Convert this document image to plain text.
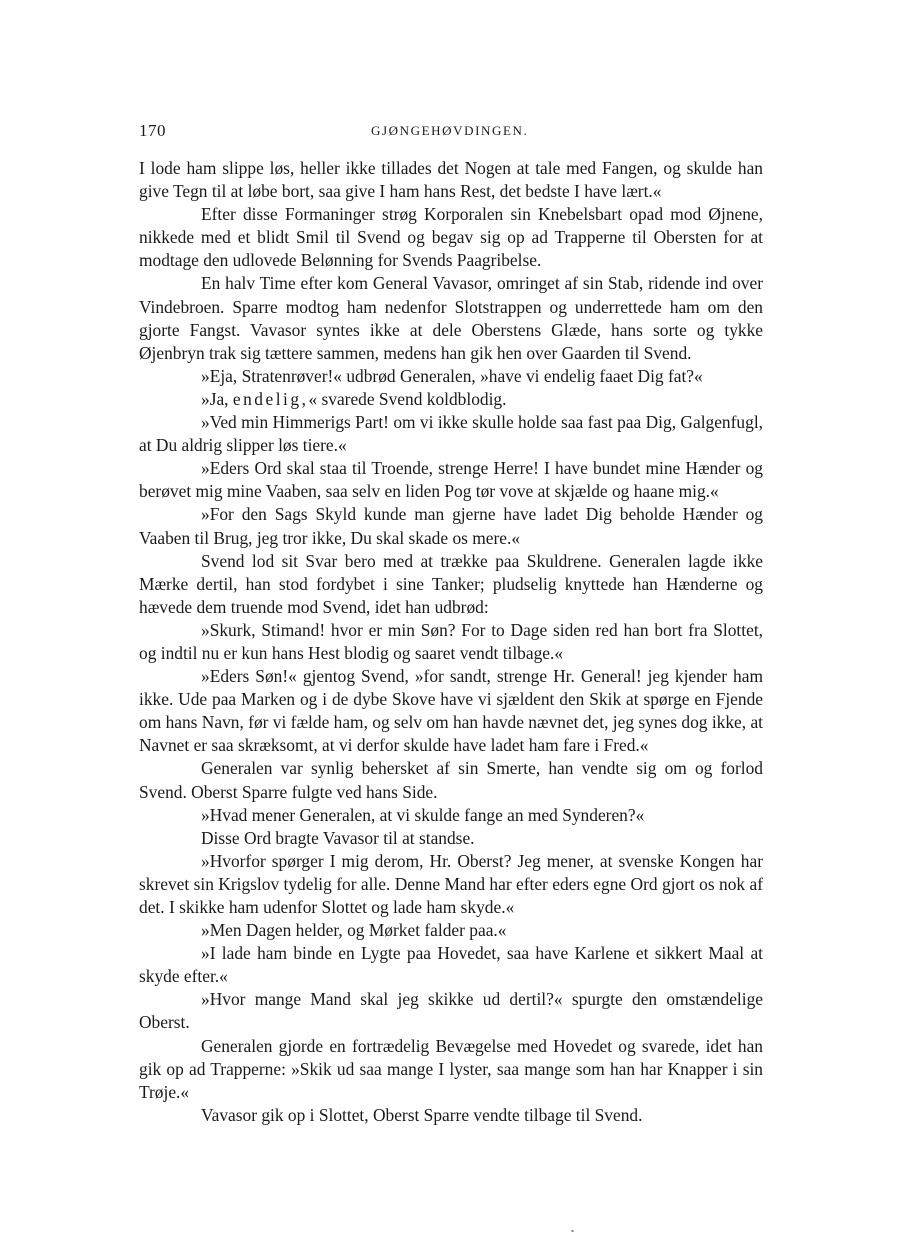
170	GJØNGEHØVDINGEN.

I lode ham slippe løs, heller ikke tillades det Nogen at tale med Fangen, og skulde han give Tegn til at løbe bort, saa give I ham hans Rest, det bedste I have lært.«

Efter disse Formaninger strøg Korporalen sin Knebelsbart opad mod Øjnene, nikkede med et blidt Smil til Svend og begav sig op ad Trapperne til Obersten for at modtage den udlovede Belønning for Svends Paagribelse.

En halv Time efter kom General Vavasor, omringet af sin Stab, ridende ind over Vindebroen. Sparre modtog ham nedenfor Slotstrappen og underrettede ham om den gjorte Fangst. Vavasor syntes ikke at dele Oberstens Glæde, hans sorte og tykke Øjenbryn trak sig tættere sammen, medens han gik hen over Gaarden til Svend.

»Eja, Stratenrøver!« udbrød Generalen, »have vi endelig faaet Dig fat?«

»Ja, endelig,« svarede Svend koldblodig.

»Ved min Himmerigs Part! om vi ikke skulle holde saa fast paa Dig, Galgenfugl, at Du aldrig slipper løs tiere.«

»Eders Ord skal staa til Troende, strenge Herre! I have bundet mine Hænder og berøvet mig mine Vaaben, saa selv en liden Pog tør vove at skjælde og haane mig.«

»For den Sags Skyld kunde man gjerne have ladet Dig beholde Hænder og Vaaben til Brug, jeg tror ikke, Du skal skade os mere.«

Svend lod sit Svar bero med at trække paa Skuldrene. Generalen lagde ikke Mærke dertil, han stod fordybet i sine Tanker; pludselig knyttede han Hænderne og hævede dem truende mod Svend, idet han udbrød:

»Skurk, Stimand! hvor er min Søn? For to Dage siden red han bort fra Slottet, og indtil nu er kun hans Hest blodig og saaret vendt tilbage.«

»Eders Søn!« gjentog Svend, »for sandt, strenge Hr. General! jeg kjender ham ikke. Ude paa Marken og i de dybe Skove have vi sjældent den Skik at spørge en Fjende om hans Navn, før vi fælde ham, og selv om han havde nævnet det, jeg synes dog ikke, at Navnet er saa skræksomt, at vi derfor skulde have ladet ham fare i Fred.«

Generalen var synlig behersket af sin Smerte, han vendte sig om og forlod Svend. Oberst Sparre fulgte ved hans Side.

»Hvad mener Generalen, at vi skulde fange an med Synderen?«

Disse Ord bragte Vavasor til at standse.

»Hvorfor spørger I mig derom, Hr. Oberst? Jeg mener, at svenske Kongen har skrevet sin Krigslov tydelig for alle. Denne Mand har efter eders egne Ord gjort os nok af det. I skikke ham udenfor Slottet og lade ham skyde.«

»Men Dagen helder, og Mørket falder paa.«

»I lade ham binde en Lygte paa Hovedet, saa have Karlene et sikkert Maal at skyde efter.«

»Hvor mange Mand skal jeg skikke ud dertil?« spurgte den omstændelige Oberst.

Generalen gjorde en fortrædelig Bevægelse med Hovedet og svarede, idet han gik op ad Trapperne: »Skik ud saa mange I lyster, saa mange som han har Knapper i sin Trøje.«

Vavasor gik op i Slottet, Oberst Sparre vendte tilbage til Svend.
